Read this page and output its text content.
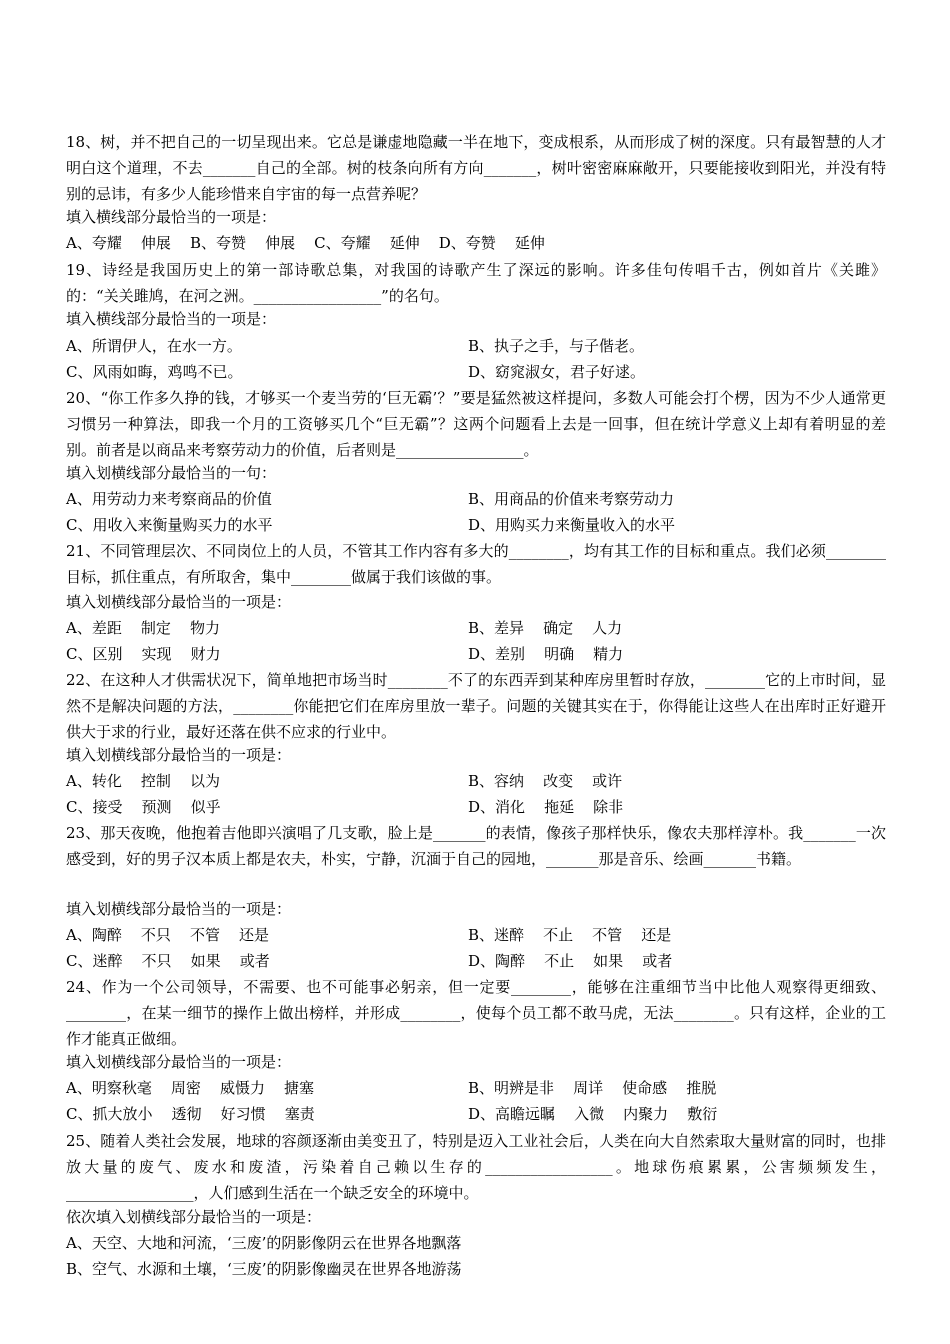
18、树，并不把自己的一切呈现出来。它总是谦虚地隐藏一半在地下，变成根系，从而形成了树的深度。只有最智慧的人才明白这个道理，不去_______自己的全部。树的枝条向所有方向_______，树叶密密麻麻敞开，只要能接收到阳光，并没有特别的忌讳，有多少人能珍惜来自宇宙的每一点营养呢？
填入横线部分最恰当的一项是：
A、夸耀    伸展    B、夸赞    伸展    C、夸耀    延伸    D、夸赞    延伸
19、诗经是我国历史上的第一部诗歌总集，对我国的诗歌产生了深远的影响。许多佳句传唱千古，例如首片《关雎》的：“关关雎鸠，在河之洲。_________________”的名句。
填入横线部分最恰当的一项是：
A、所谓伊人，在水一方。	B、执子之手，与子偕老。
C、风雨如晦，鸡鸣不已。	D、窈窕淑女，君子好逑。
20、“你工作多久挣的钱，才够买一个麦当劳的‘巨无霸’？”要是猛然被这样提问，多数人可能会打个楞，因为不少人通常更习惯另一种算法，即我一个月的工资够买几个“巨无霸”？这两个问题看上去是一回事，但在统计学意义上却有着明显的差别。前者是以商品来考察劳动力的价值，后者则是_________________。
填入划横线部分最恰当的一句：
A、用劳动力来考察商品的价值	B、用商品的价值来考察劳动力
C、用收入来衡量购买力的水平	D、用购买力来衡量收入的水平
21、不同管理层次、不同岗位上的人员，不管其工作内容有多大的________，均有其工作的目标和重点。我们必须________目标，抓住重点，有所取舍，集中________做属于我们该做的事。
填入划横线部分最恰当的一项是：
A、差距    制定    物力	B、差异    确定    人力
C、区别    实现    财力	D、差别    明确    精力
22、在这种人才供需状况下，简单地把市场当时________不了的东西弄到某种库房里暂时存放，________它的上市时间，显然不是解决问题的方法，________你能把它们在库房里放一辈子。问题的关键其实在于，你得能让这些人在出库时正好避开供大于求的行业，最好还落在供不应求的行业中。
填入划横线部分最恰当的一项是：
A、转化    控制    以为	B、容纳    改变    或许
C、接受    预测    似乎	D、消化    拖延    除非
23、那天夜晚，他抱着吉他即兴演唱了几支歌，脸上是_______的表情，像孩子那样快乐，像农夫那样淳朴。我_______一次感受到，好的男子汉本质上都是农夫，朴实，宁静，沉湎于自己的园地，_______那是音乐、绘画_______书籍。
填入划横线部分最恰当的一项是：
A、陶醉    不只    不管    还是	B、迷醉    不止    不管    还是
C、迷醉    不只    如果    或者	D、陶醉    不止    如果    或者
24、作为一个公司领导，不需要、也不可能事必躬亲，但一定要________，能够在注重细节当中比他人观察得更细致、________，在某一细节的操作上做出榜样，并形成________，使每个员工都不敢马虎，无法________。只有这样，企业的工作才能真正做细。
填入划横线部分最恰当的一项是：
A、明察秋毫    周密    威慑力    搪塞	B、明辨是非    周详    使命感    推脱
C、抓大放小    透彻    好习惯    塞责	D、高瞻远瞩    入微    内聚力    敷衍
25、随着人类社会发展，地球的容颜逐渐由美变丑了，特别是迈入工业社会后，人类在向大自然索取大量财富的同时，也排放大量的废气、废水和废渣，污染着自己赖以生存的_________________。地球伤痕累累，公害频频发生，_________________，人们感到生活在一个缺乏安全的环境中。
依次填入划横线部分最恰当的一项是：
A、天空、大地和河流，‘三废’的阴影像阴云在世界各地飘落
B、空气、水源和土壤，‘三废’的阴影像幽灵在世界各地游荡
